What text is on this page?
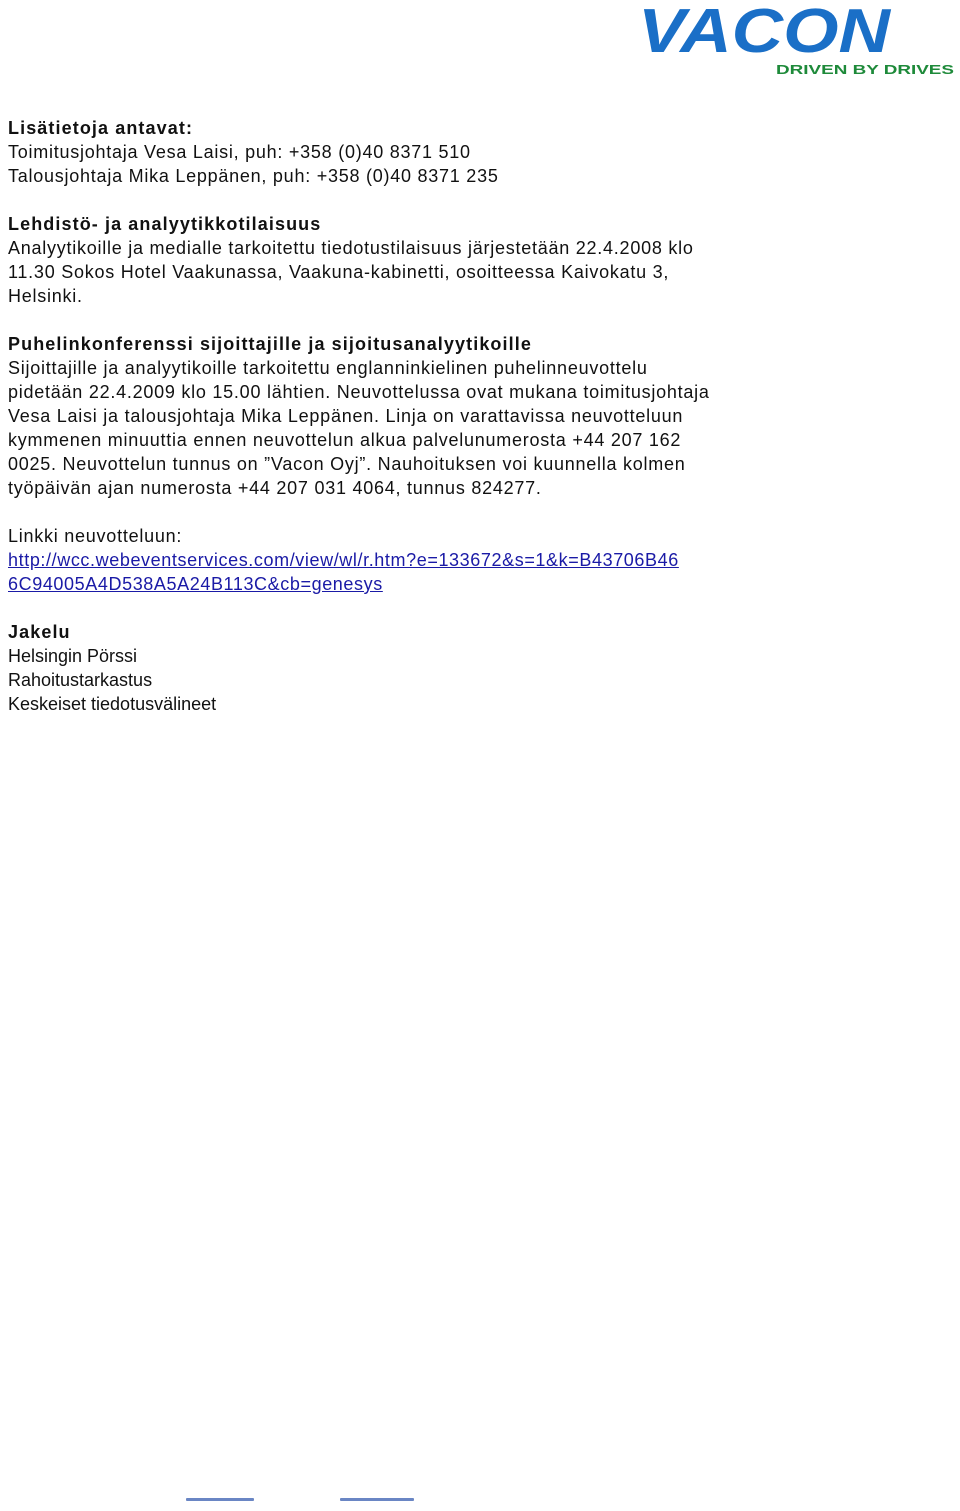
VACON
DRIVEN BY DRIVES
Lisätietoja antavat:
Toimitusjohtaja Vesa Laisi, puh: +358 (0)40 8371 510
Talousjohtaja Mika Leppänen, puh: +358 (0)40 8371 235
Lehdistö- ja analyytikkotilaisuus
Analyytikoille ja medialle tarkoitettu tiedotustilaisuus järjestetään 22.4.2008 klo
11.30 Sokos Hotel Vaakunassa, Vaakuna-kabinetti, osoitteessa Kaivokatu 3,
Helsinki.
Puhelinkonferenssi sijoittajille ja sijoitusanalyytikoille
Sijoittajille ja analyytikoille tarkoitettu englanninkielinen puhelinneuvottelu
pidetään 22.4.2009 klo 15.00 lähtien. Neuvottelussa ovat mukana toimitusjohtaja
Vesa Laisi ja talousjohtaja Mika Leppänen. Linja on varattavissa neuvotteluun
kymmenen minuuttia ennen neuvottelun alkua palvelunumerosta +44 207 162
0025. Neuvottelun tunnus on ”Vacon Oyj”. Nauhoituksen voi kuunnella kolmen
työpäivän ajan numerosta +44 207 031 4064, tunnus 824277.
Linkki neuvotteluun:
http://wcc.webeventservices.com/view/wl/r.htm?e=133672&s=1&k=B43706B46
6C94005A4D538A5A24B113C&cb=genesys
Jakelu
Helsingin Pörssi
Rahoitustarkastus
Keskeiset tiedotusvälineet
